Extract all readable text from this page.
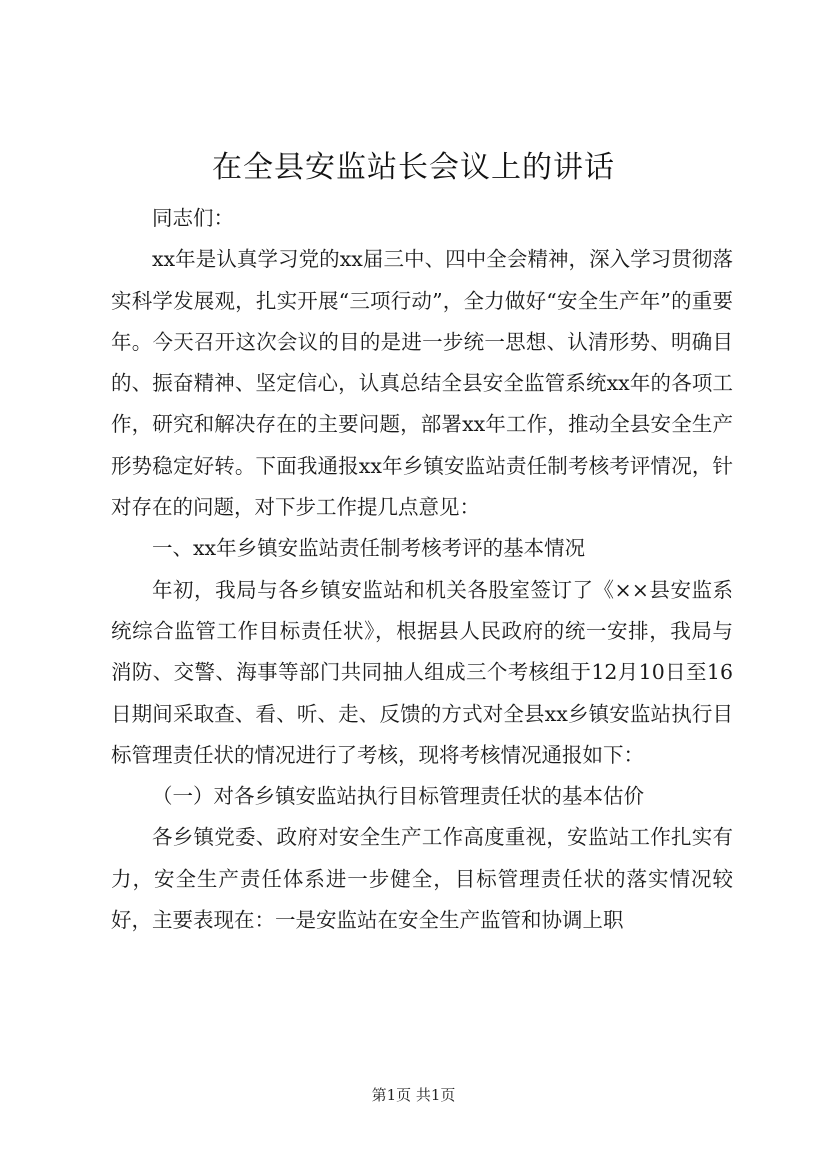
在全县安监站长会议上的讲话

同志们：

xx年是认真学习党的xx届三中、四中全会精神，深入学习贯彻落实科学发展观，扎实开展“三项行动”，全力做好“安全生产年”的重要年。今天召开这次会议的目的是进一步统一思想、认清形势、明确目的、振奋精神、坚定信心，认真总结全县安全监管系统xx年的各项工作，研究和解决存在的主要问题，部署xx年工作，推动全县安全生产形势稳定好转。下面我通报xx年乡镇安监站责任制考核考评情况，针对存在的问题，对下步工作提几点意见：

一、xx年乡镇安监站责任制考核考评的基本情况

年初，我局与各乡镇安监站和机关各股室签订了《××县安监系统综合监管工作目标责任状》，根据县人民政府的统一安排，我局与消防、交警、海事等部门共同抽人组成三个考核组于12月10日至16日期间采取查、看、听、走、反馈的方式对全县xx乡镇安监站执行目标管理责任状的情况进行了考核，现将考核情况通报如下：

（一）对各乡镇安监站执行目标管理责任状的基本估价

各乡镇党委、政府对安全生产工作高度重视，安监站工作扎实有力，安全生产责任体系进一步健全，目标管理责任状的落实情况较好，主要表现在：一是安监站在安全生产监管和协调上职

第1页 共1页
